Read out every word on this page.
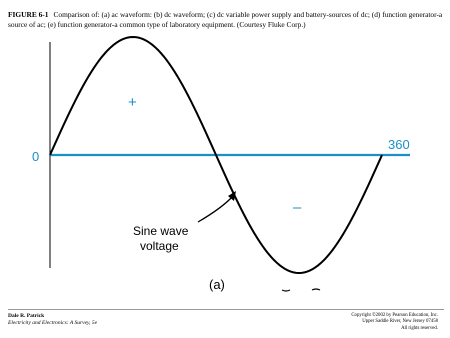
FIGURE 6-1 Comparison of: (a) ac waveform: (b) dc waveform; (c) dc variable power supply and battery-sources of dc; (d) function generator-a source of ac; (e) function generator-a common type of laboratory equipment. (Courtesy Fluke Corp.)
0
360
+
–
Sine wave
voltage
(a)
Dale R. Patrick
Electricity and Electronics: A Survey, 5e
Copyright ©2002 by Pearson Education, Inc.
Upper Saddle River, New Jersey 07458
All rights reserved.
